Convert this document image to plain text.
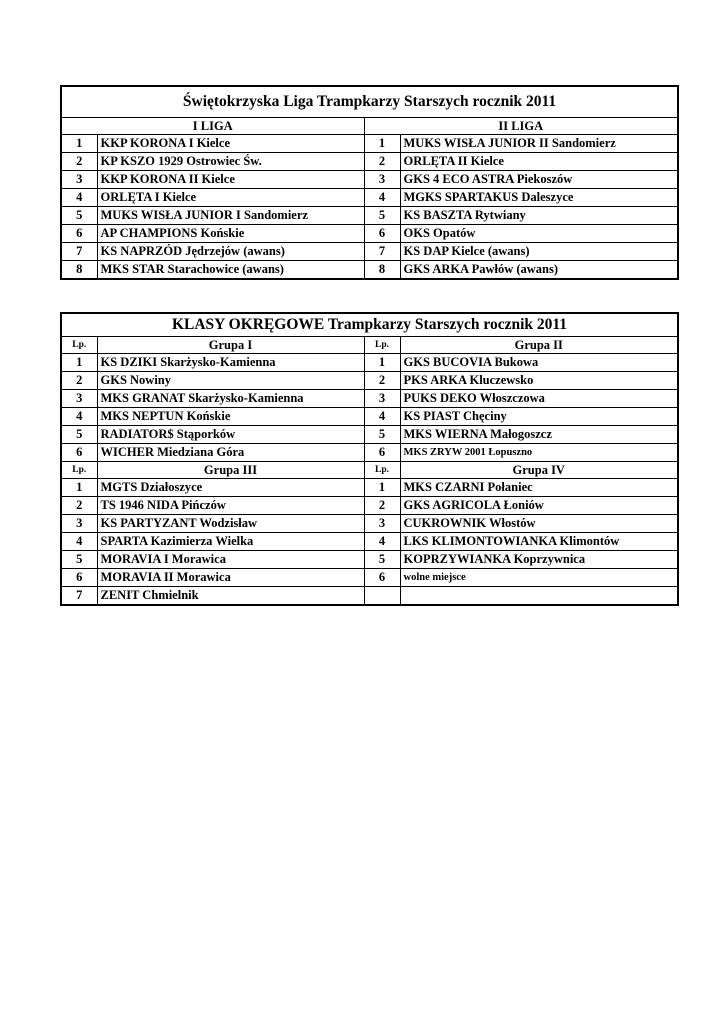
Świętokrzyska Liga Trampkarzy Starszych rocznik 2011			
I LIGA		II LIGA	
1	KKP KORONA I Kielce	1	MUKS WISŁA JUNIOR II Sandomierz
2	KP KSZO 1929 Ostrowiec Św.	2	ORLĘTA II Kielce
3	KKP KORONA II Kielce	3	GKS 4 ECO ASTRA Piekoszów
4	ORLĘTA I Kielce	4	MGKS SPARTAKUS Daleszyce
5	MUKS WISŁA JUNIOR I Sandomierz	5	KS BASZTA Rytwiany
6	AP CHAMPIONS Końskie	6	OKS Opatów
7	KS NAPRZÓD Jędrzejów (awans)	7	KS DAP Kielce (awans)
8	MKS STAR Starachowice (awans)	8	GKS ARKA Pawłów (awans)
KLASY OKRĘGOWE Trampkarzy Starszych rocznik 2011			
Lp.	Grupa I	Lp.	Grupa II
1	KS DZIKI Skarżysko-Kamienna	1	GKS BUCOVIA Bukowa
2	GKS Nowiny	2	PKS ARKA Kluczewsko
3	MKS GRANAT Skarżysko-Kamienna	3	PUKS DEKO Włoszczowa
4	MKS NEPTUN Końskie	4	KS PIAST Chęciny
5	RADIATOR$ Stąporków	5	MKS WIERNA Małogoszcz
6	WICHER Miedziana Góra	6	MKS ZRYW 2001 Łopuszno
Lp.	Grupa III	Lp.	Grupa IV
1	MGTS Działoszyce	1	MKS CZARNI Połaniec
2	TS 1946 NIDA Pińczów	2	GKS AGRICOLA Łoniów
3	KS PARTYZANT Wodzisław	3	CUKROWNIK Włostów
4	SPARTA Kazimierza Wielka	4	LKS KLIMONTOWIANKA Klimontów
5	MORAVIA I Morawica	5	KOPRZYWIANKA Koprzywnica
6	MORAVIA II Morawica	6	wolne miejsce
7	ZENIT Chmielnik		
